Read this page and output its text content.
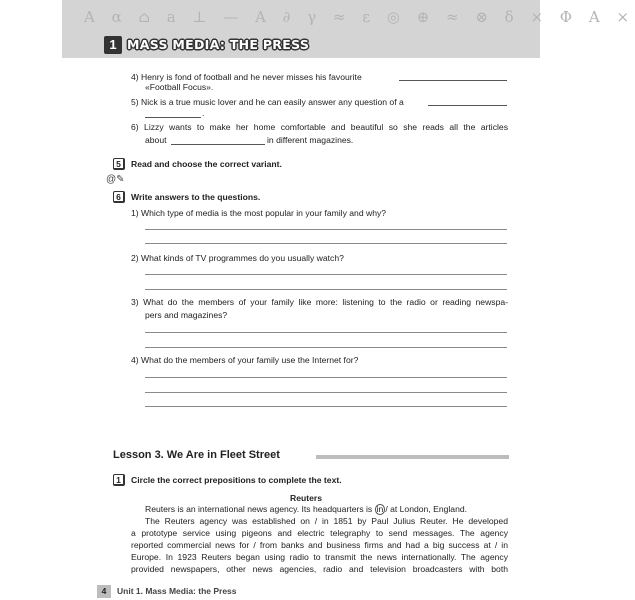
A α ⌂ a ⊥ — A ∂ γ ≈ ε ◎ ⊕ ≈ ⊗ δ × Φ A ×
1 MASS MEDIA: THE PRESS
4) Henry is fond of football and he never misses his favourite
«Football Focus».
5) Nick is a true music lover and he can easily answer any question of a
.
6) Lizzy wants to make her home comfortable and beautiful so she reads all the articles
about	in different magazines.
5	Read and choose the correct variant.
@✎
6	Write answers to the questions.
1) Which type of media is the most popular in your family and why?
2) What kinds of TV programmes do you usually watch?
3) What do the members of your family like more: listening to the radio or reading newspa-
pers and magazines?
4) What do the members of your family use the Internet for?
Lesson 3. We Are in Fleet Street
1	Circle the correct prepositions to complete the text.
Reuters
Reuters is an international news agency. Its headquarters is in / at London, England.
The Reuters agency was established on / in 1851 by Paul Julius Reuter. He developed
a prototype service using pigeons and electric telegraphy to send messages. The agency
reported commercial news for / from banks and business firms and had a big success at / in
Europe. In 1923 Reuters began using radio to transmit the news internationally. The agency
provided newspapers, other news agencies, radio and television broadcasters with both
4	Unit 1. Mass Media: the Press
